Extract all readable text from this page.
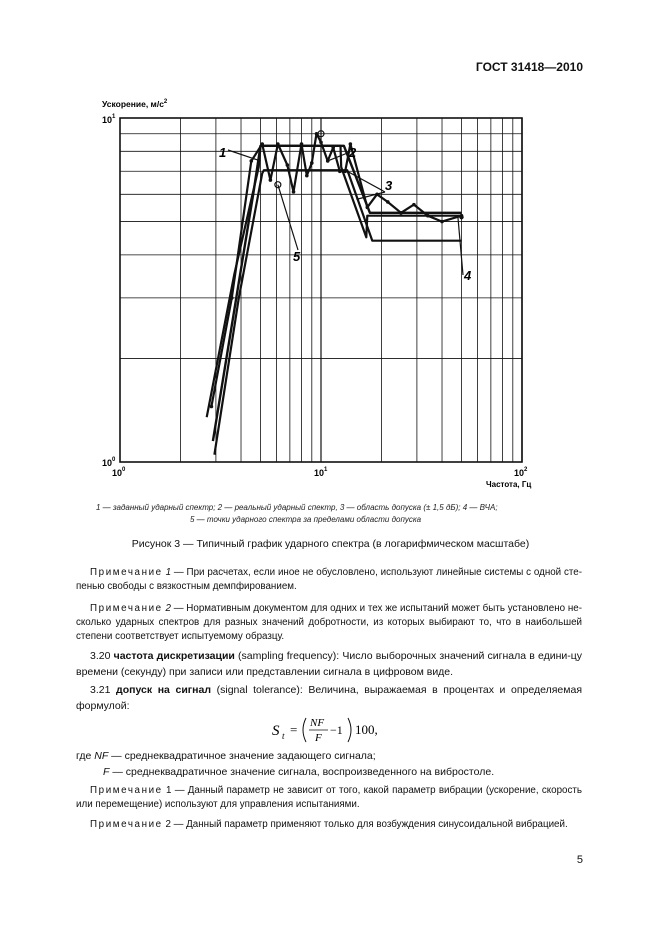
ГОСТ 31418—2010
Ускорение, $м/с^2$
$10^1$
$10^0$
$10^0$	$10^1$	$10^2$
Частота, Гц
1	2
3
4
5
1 — заданный ударный спектр; 2 — реальный ударный спектр, 3 — область допуска (± 1,5 дБ); 4 — ВЧА;
5 — точки ударного спектра за пределами области допуска
Рисунок 3 — Типичный график ударного спектра (в логарифмическом масштабе)
Примечание 1 — При расчетах, если иное не обусловлено, используют линейные системы с одной сте-пенью свободы с вязкостным демпфированием.
Примечание 2 — Нормативным документом для одних и тех же испытаний может быть установлено не-сколько ударных спектров для разных значений добротности, из которых выбирают то, что в наибольшей степени соответствует испытуемому образцу.
3.20 частота дискретизации (sampling frequency): Число выборочных значений сигнала в едини-цу времени (секунду) при записи или представлении сигнала в цифровом виде.
3.21 допуск на сигнал (signal tolerance): Величина, выражаемая в процентах и определяемая формулой:
S t = NF
F
−1 100,
где NF — среднеквадратичное значение задающего сигнала;
F — среднеквадратичное значение сигнала, воспроизведенного на вибростоле.
Примечание 1 — Данный параметр не зависит от того, какой параметр вибрации (ускорение, скорость или перемещение) используют для управления испытаниями.
Примечание 2 — Данный параметр применяют только для возбуждения синусоидальной вибрацией.
5
